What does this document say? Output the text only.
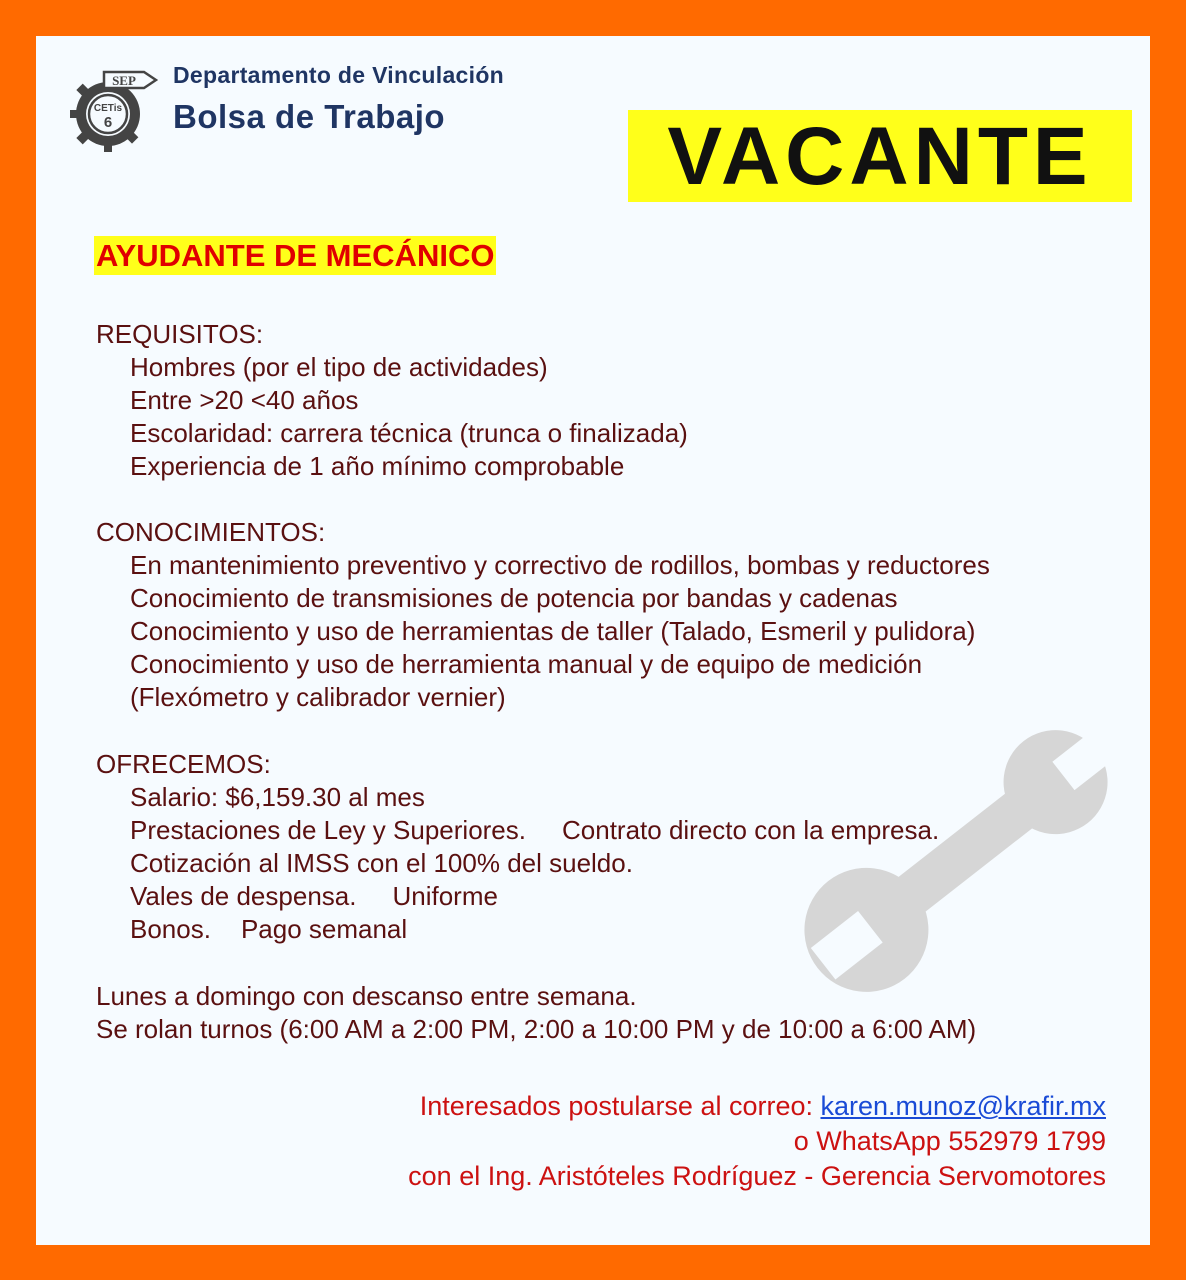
SEP
CETis
6
Departamento de Vinculación
Bolsa de Trabajo	VACANTE
AYUDANTE DE MECÁNICO
REQUISITOS:
Hombres (por el tipo de actividades)
Entre >20 <40 años
Escolaridad: carrera técnica (trunca o finalizada)
Experiencia de 1 año mínimo comprobable
CONOCIMIENTOS:
En mantenimiento preventivo y correctivo de rodillos, bombas y reductores
Conocimiento de transmisiones de potencia por bandas y cadenas
Conocimiento y uso de herramientas de taller (Talado, Esmeril y pulidora)
Conocimiento y uso de herramienta manual y de equipo de medición
(Flexómetro y calibrador vernier)
OFRECEMOS:
Salario: $6,159.30 al mes
Prestaciones de Ley y Superiores. Contrato directo con la empresa.
Cotización al IMSS con el 100% del sueldo.
Vales de despensa. Uniforme
Bonos. Pago semanal
Lunes a domingo con descanso entre semana.
Se rolan turnos (6:00 AM a 2:00 PM, 2:00 a 10:00 PM y de 10:00 a 6:00 AM)
Interesados postularse al correo: karen.munoz@krafir.mx
o WhatsApp 552979 1799
con el Ing. Aristóteles Rodríguez - Gerencia Servomotores
